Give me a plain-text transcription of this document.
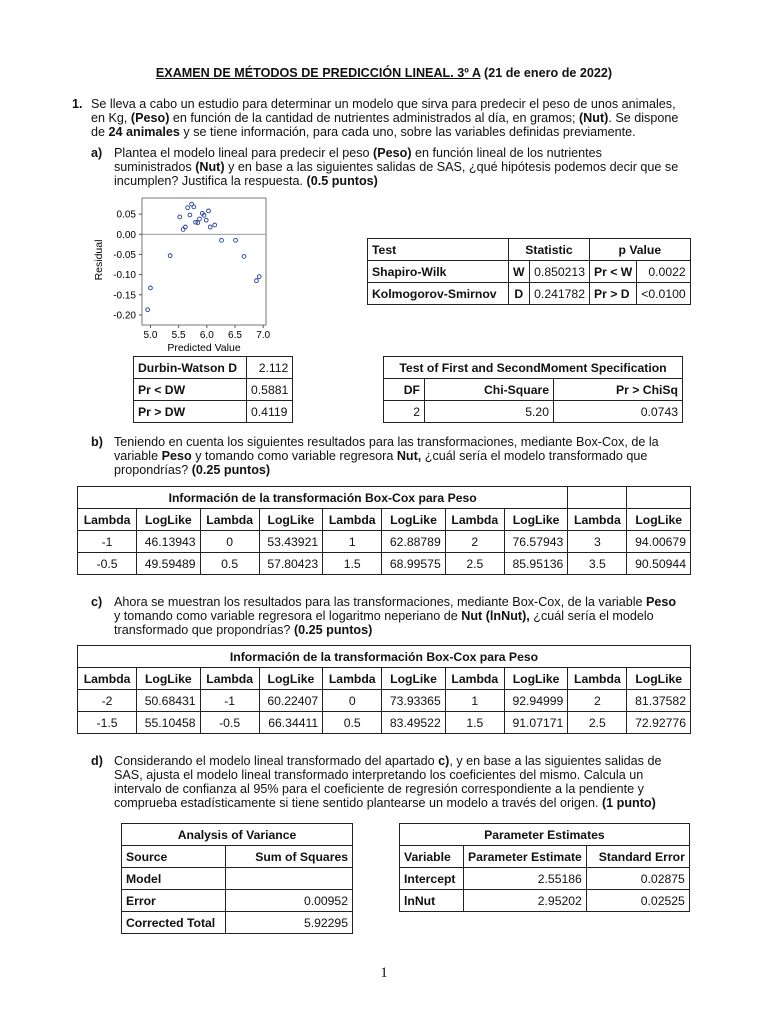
EXAMEN DE MÉTODOS DE PREDICCIÓN LINEAL. 3º A (21 de enero de 2022)
1. Se lleva a cabo un estudio para determinar un modelo que sirva para predecir el peso de unos animales,
en Kg, (Peso) en función de la cantidad de nutrientes administrados al día, en gramos; (Nut). Se dispone
de 24 animales y se tiene información, para cada uno, sobre las variables definidas previamente.
a) Plantea el modelo lineal para predecir el peso (Peso) en función lineal de los nutrientes
suministrados (Nut) y en base a las siguientes salidas de SAS, ¿qué hipótesis podemos decir que se
incumplen? Justifica la respuesta. (0.5 puntos)
5.0 5.5 6.0 6.5 7.0
0.05
0.00
-0.05
-0.10
-0.15
-0.20
Predicted Value
Residual	Test	Statistic		p Value	
Shapiro-Wilk	W	0.850213	Pr < W	0.0022
Kolmogorov-Smirnov	D	0.241782	Pr > D	<0.0100
Durbin-Watson D	2.112
Pr < DW	0.5881
Pr > DW	0.4119
Test of First and SecondMoment Specification		
DF	Chi-Square	Pr > ChiSq
2	5.20	0.0743
b) Teniendo en cuenta los siguientes resultados para las transformaciones, mediante Box-Cox, de la
variable Peso y tomando como variable regresora Nut, ¿cuál sería el modelo transformado que
propondrías? (0.25 puntos)
Información de la transformación Box-Cox para Peso									
Lambda	LogLike	Lambda	LogLike	Lambda	LogLike	Lambda	LogLike	Lambda	LogLike
-1	46.13943	0	53.43921	1	62.88789	2	76.57943	3	94.00679
-0.5	49.59489	0.5	57.80423	1.5	68.99575	2.5	85.95136	3.5	90.50944
c) Ahora se muestran los resultados para las transformaciones, mediante Box-Cox, de la variable Peso
y tomando como variable regresora el logaritmo neperiano de Nut (lnNut), ¿cuál sería el modelo
transformado que propondrías? (0.25 puntos)
Información de la transformación Box-Cox para Peso									
Lambda	LogLike	Lambda	LogLike	Lambda	LogLike	Lambda	LogLike	Lambda	LogLike
-2	50.68431	-1	60.22407	0	73.93365	1	92.94999	2	81.37582
-1.5	55.10458	-0.5	66.34411	0.5	83.49522	1.5	91.07171	2.5	72.92776
d) Considerando el modelo lineal transformado del apartado c), y en base a las siguientes salidas de
SAS, ajusta el modelo lineal transformado interpretando los coeficientes del mismo. Calcula un
intervalo de confianza al 95% para el coeficiente de regresión correspondiente a la pendiente y
comprueba estadísticamente si tiene sentido plantearse un modelo a través del origen. (1 punto)
Analysis of Variance	
Source	Sum of Squares
Model	
Error	0.00952
Corrected Total	5.92295
Parameter Estimates		
Variable	Parameter Estimate	Standard Error
Intercept	2.55186	0.02875
lnNut	2.95202	0.02525
1
